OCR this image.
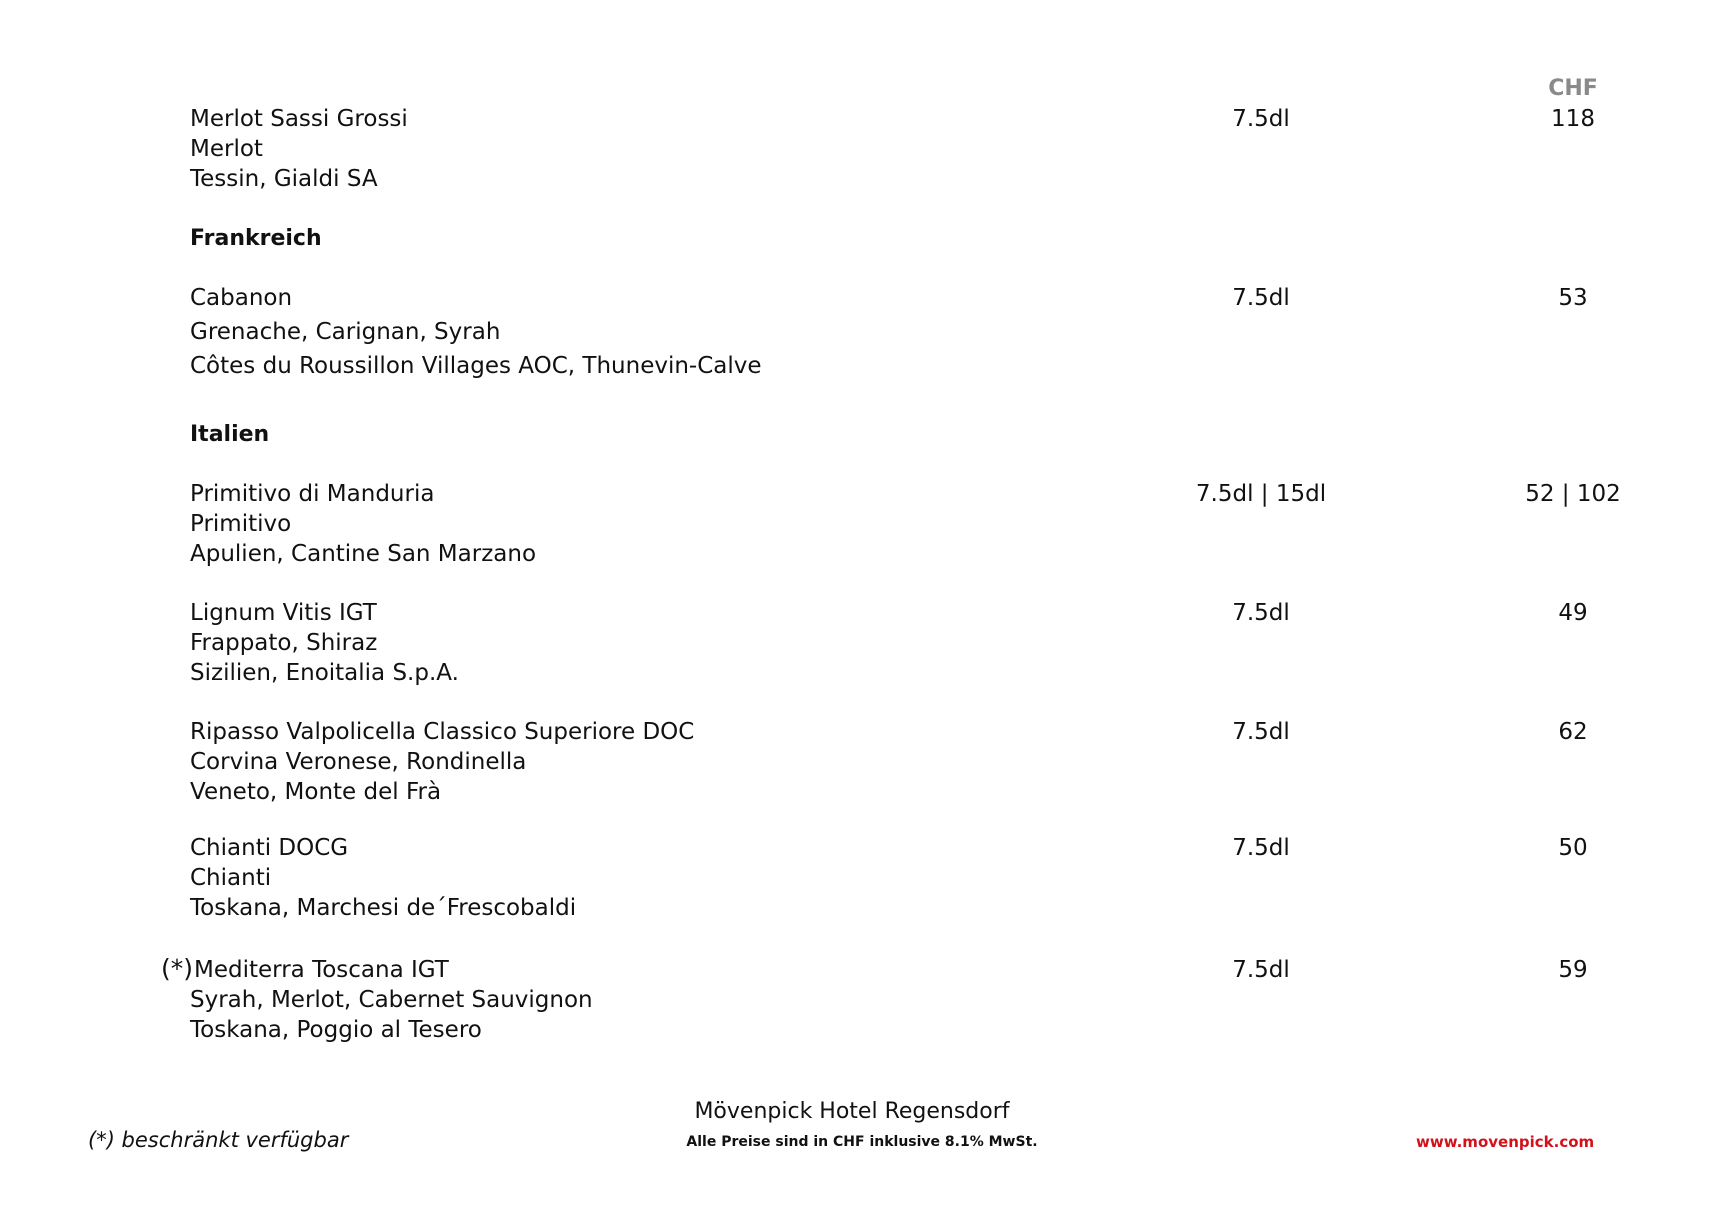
CHF
Merlot Sassi Grossi
Merlot
Tessin, Gialdi SA
7.5dl	118
Frankreich
Cabanon
Grenache, Carignan, Syrah
Côtes du Roussillon Villages AOC, Thunevin-Calve
7.5dl	53
Italien
Primitivo di Manduria
Primitivo
Apulien, Cantine San Marzano
7.5dl | 15dl	52 | 102
Lignum Vitis IGT
Frappato, Shiraz
Sizilien, Enoitalia S.p.A.
7.5dl	49
Ripasso Valpolicella Classico Superiore DOC
Corvina Veronese, Rondinella
Veneto, Monte del Frà
7.5dl	62
Chianti DOCG
Chianti
Toskana, Marchesi de´Frescobaldi
7.5dl	50
(*) Mediterra Toscana IGT
Syrah, Merlot, Cabernet Sauvignon
Toskana, Poggio al Tesero
7.5dl	59
(*) beschränkt verfügbar
Mövenpick Hotel Regensdorf
Alle Preise sind in CHF inklusive 8.1% MwSt.	www.movenpick.com
